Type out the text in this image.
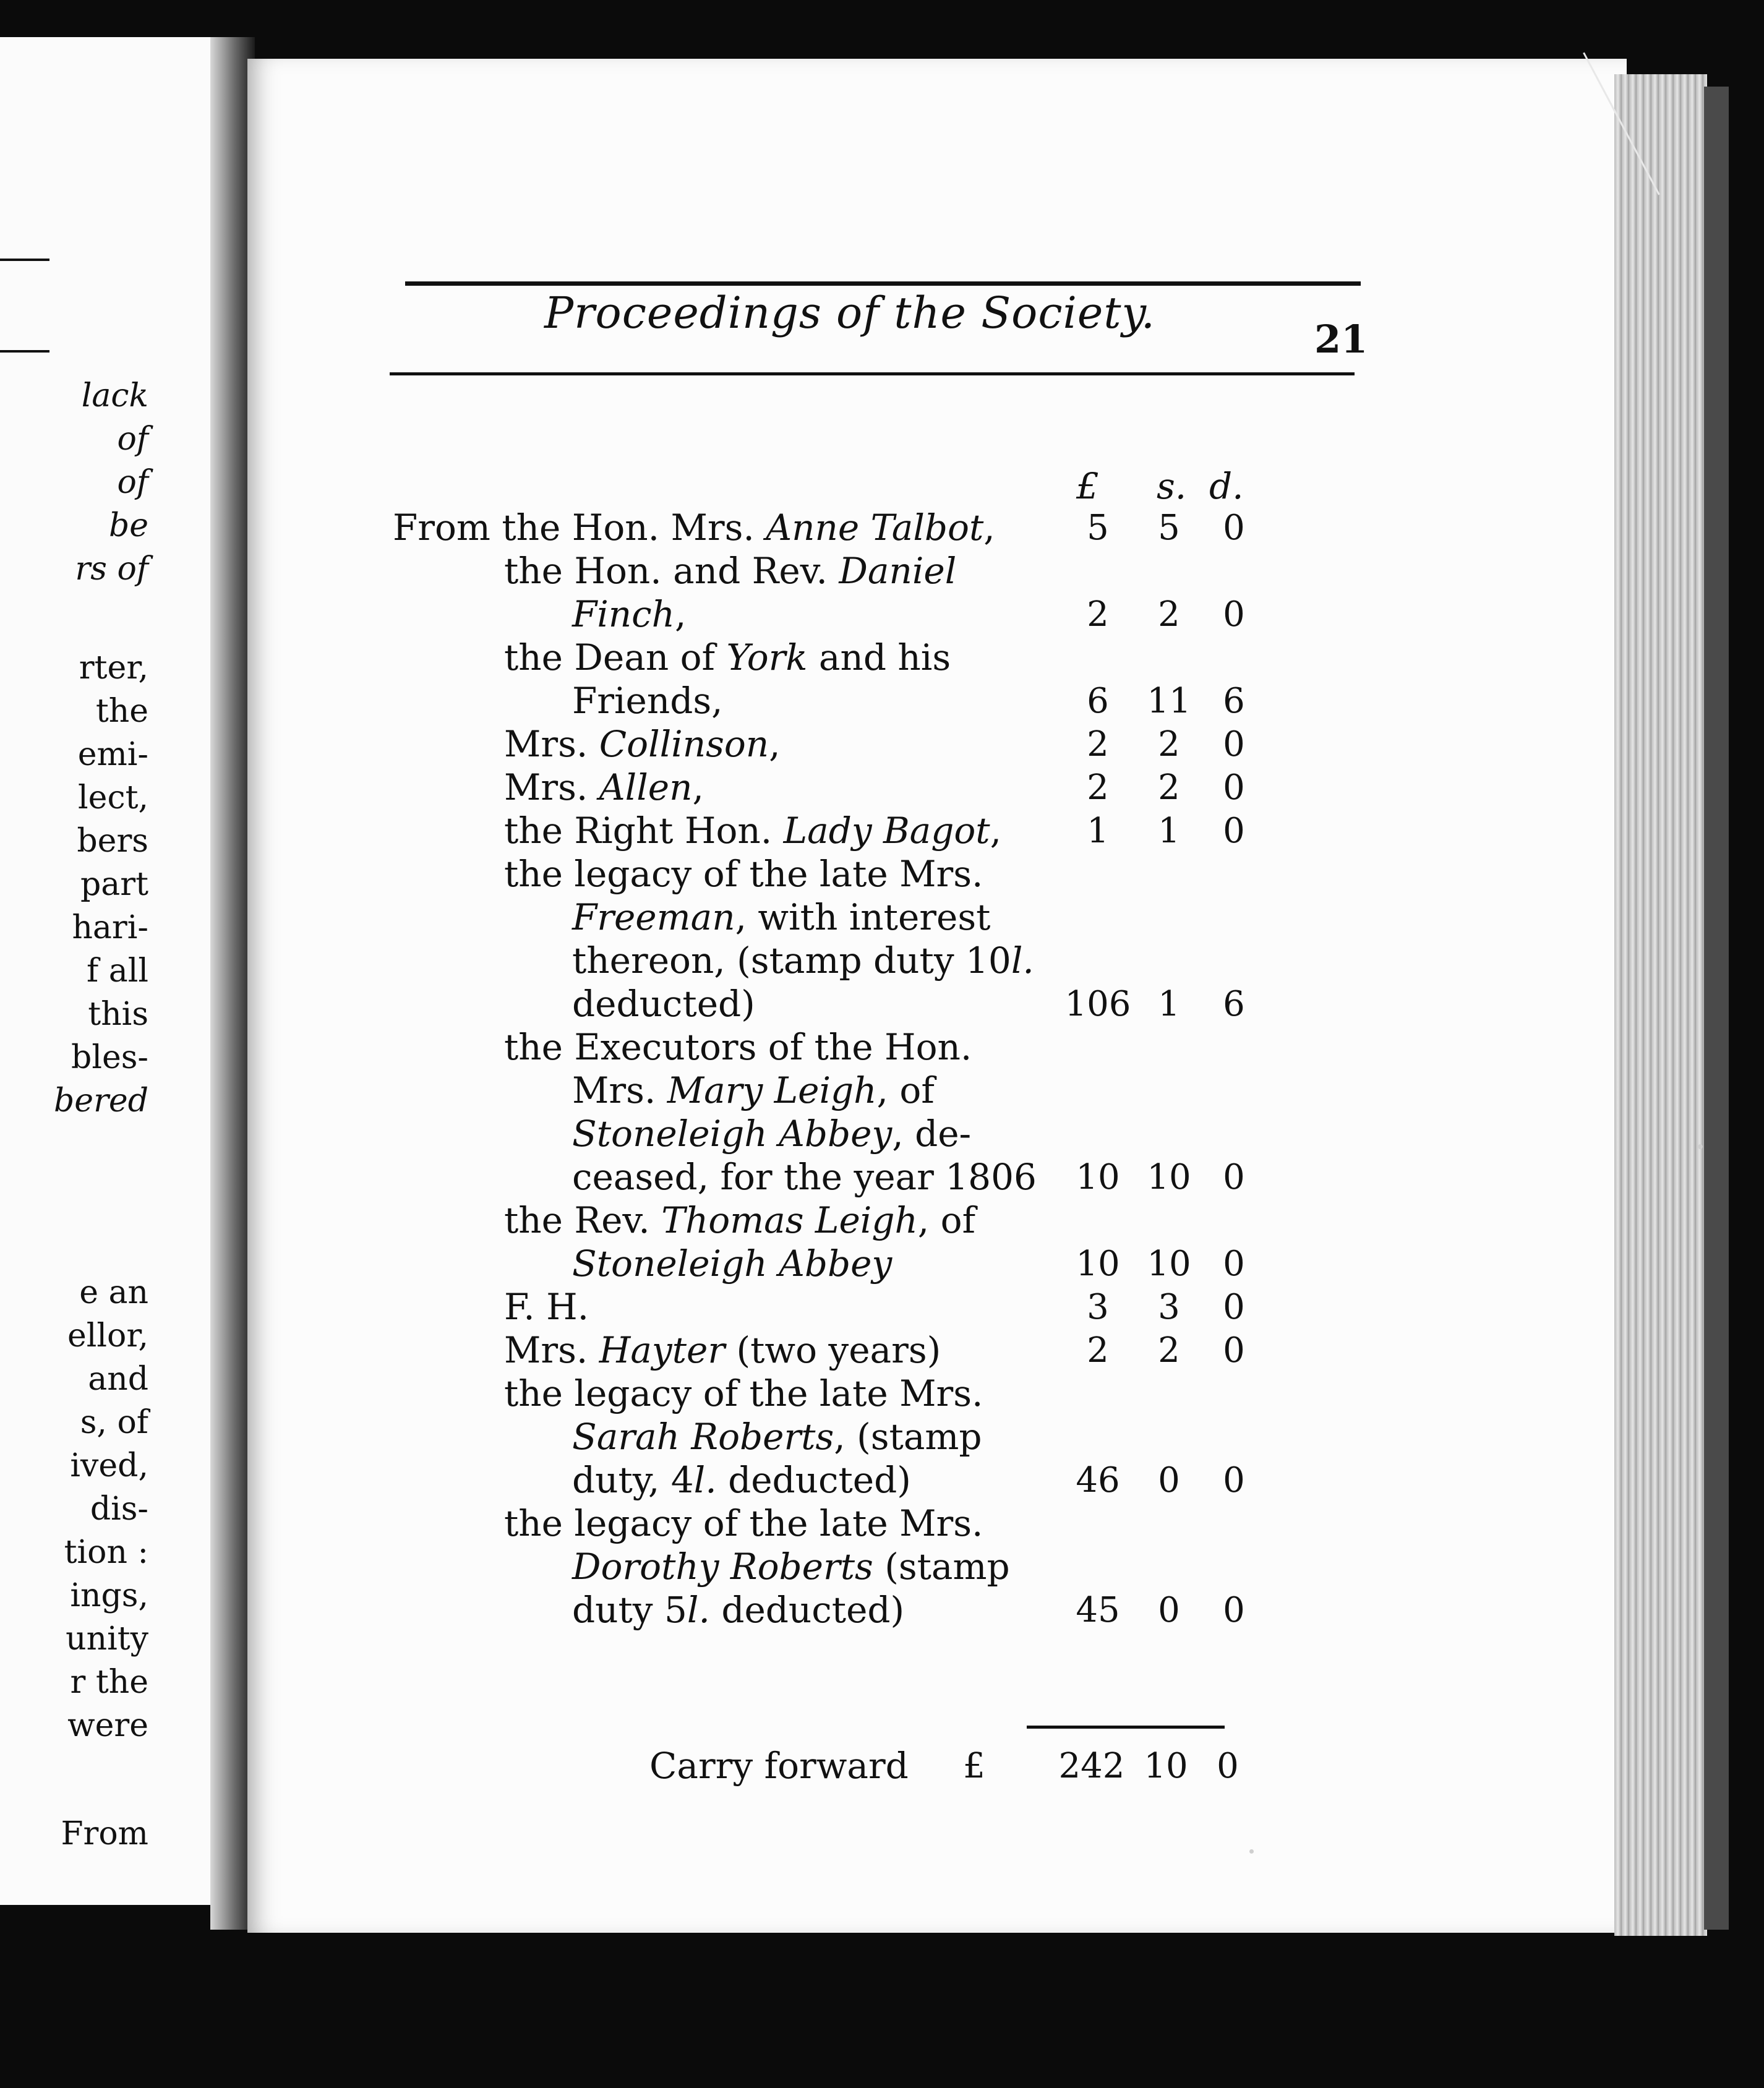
lack
of
of
be
rs of
rter,
the
emi-
lect,
bers
part
hari-
f all
this
bles-
bered
e an
ellor,
and
s, of
ived,
dis-
tion :
ings,
unity
r the
were
From
Proceedings of the Society.
21
£ s. d.
From the Hon. Mrs. Anne Talbot,	5	5	0
the Hon. and Rev. Daniel
Finch,	2	2	0
the Dean of York and his
Friends,	6	11 6
Mrs. Collinson,	2	2	0
Mrs. Allen,	2	2	0
the Right Hon. Lady Bagot,	1	1	0
the legacy of the late Mrs.
Freeman, with interest
thereon, (stamp duty 10l.
deducted)	106 1	6
the Executors of the Hon.
Mrs. Mary Leigh, of
Stoneleigh Abbey, de-
ceased, for the year 1806	10 10 0
the Rev. Thomas Leigh, of
Stoneleigh Abbey	10 10 0
F. H.	3	3	0
Mrs. Hayter (two years)	2	2	0
the legacy of the late Mrs.
Sarah Roberts, (stamp
duty, 4l. deducted)	46	0	0
the legacy of the late Mrs.
Dorothy Roberts (stamp
duty 5l. deducted)	45	0	0
Carry forward	£ 242 10 0
